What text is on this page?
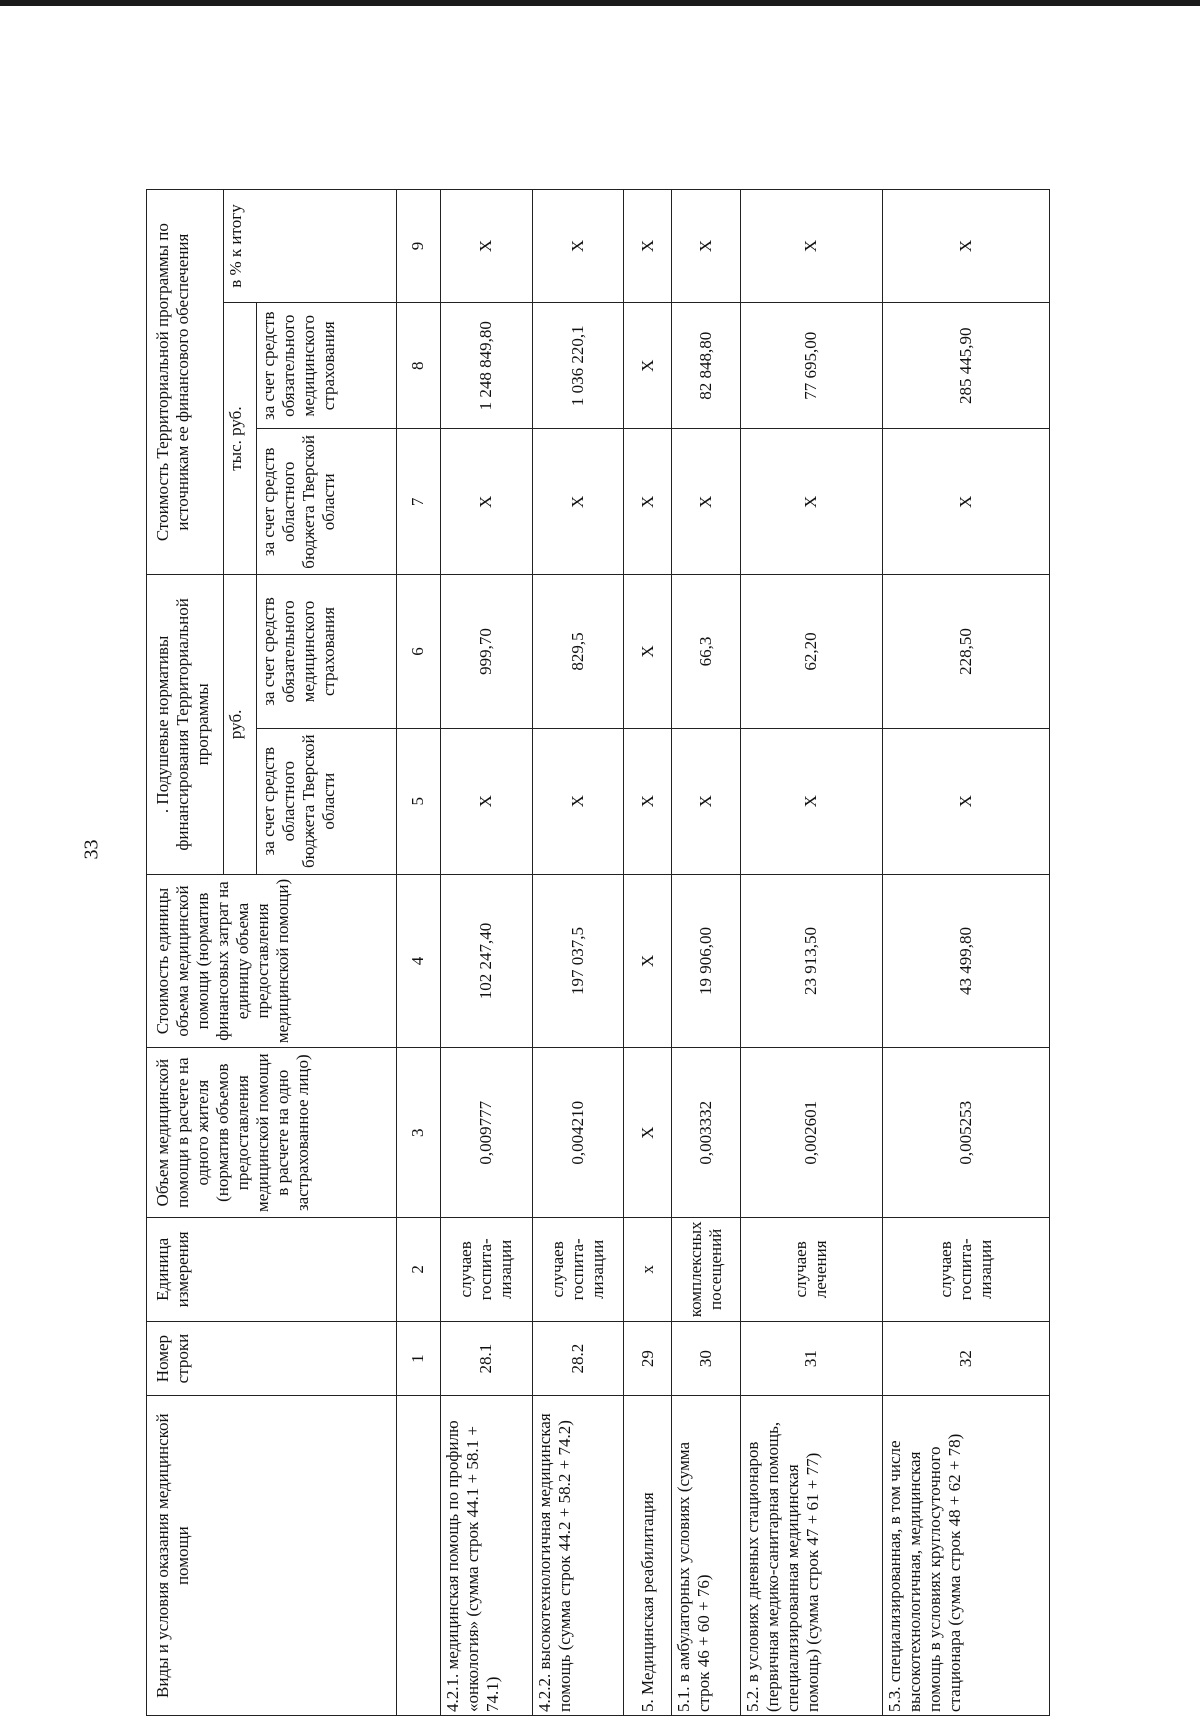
33
Виды и условия оказания медицинской помощи	Номер строки	Единица измерения	Объем медицинской помощи в расчете на одного жителя (норматив объемов предоставления медицинской помощи в расчете на одно застрахованное лицо)	Стоимость единицы объема медицинской помощи (норматив финансовых затрат на единицу объема предоставления медицинской помощи)	. Подушевые нормативы финансирования Территориальной программы		Стоимость Территориальной программы по источникам ее финансового обеспечения		
					руб.		тыс. руб.		в % к итогу
					за счет средств областного бюджета Тверской области	за счет средств обязательного медицинского страхования	за счет средств областного бюджета Тверской области	за счет средств обязательного медицинского страхования	
	1	2	3	4	5	6	7	8	9
4.2.1. медицинская помощь по профилю «онкология» (сумма строк 44.1 + 58.1 + 74.1)	28.1	случаев госпита-лизации	0,009777	102 247,40	X	999,70	X	1 248 849,80	X
4.2.2. высокотехнологичная медицинская помощь (сумма строк 44.2 + 58.2 + 74.2)	28.2	случаев госпита-лизации	0,004210	197 037,5	X	829,5	X	1 036 220,1	X
5. Медицинская реабилитация	29	x	X	X	X	X	X	X	X
5.1. в амбулаторных условиях (сумма строк 46 + 60 + 76)	30	комплексных посещений	0,003332	19 906,00	X	66,3	X	82 848,80	X
5.2. в условиях дневных стационаров (первичная медико-санитарная помощь, специализированная медицинская помощь) (сумма строк 47 + 61 + 77)	31	случаев лечения	0,002601	23 913,50	X	62,20	X	77 695,00	X
5.3. специализированная, в том числе высокотехнологичная, медицинская помощь в условиях круглосуточного стационара (сумма строк 48 + 62 + 78)	32	случаев госпита-лизации	0,005253	43 499,80	X	228,50	X	285 445,90	X
